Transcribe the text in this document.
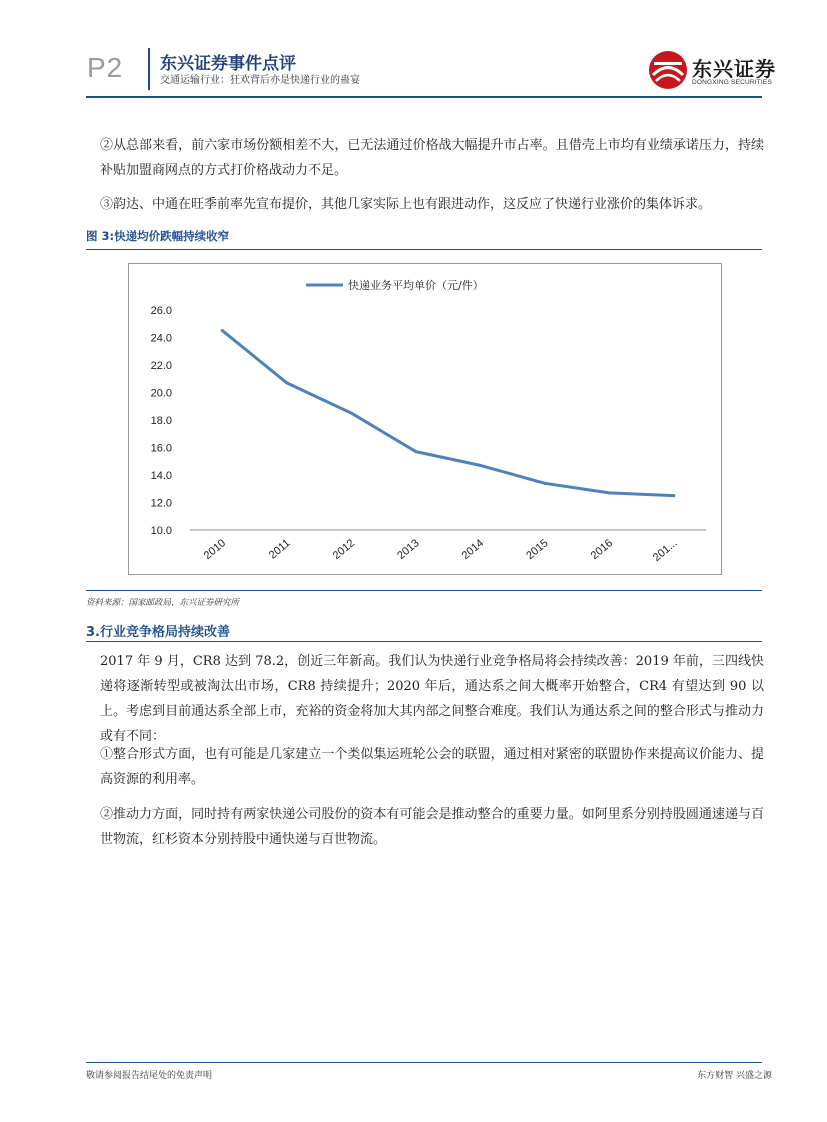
P2 东兴证券事件点评
交通运输行业：狂欢背后亦是快递行业的蛊宴	东兴证券
DONGXING SECURITIES
②从总部来看，前六家市场份额相差不大，已无法通过价格战大幅提升市占率。且借壳上市均有业绩承诺压力，持续补贴加盟商网点的方式打价格战动力不足。
③韵达、中通在旺季前率先宣布提价，其他几家实际上也有跟进动作，这反应了快递行业涨价的集体诉求。
图 3:快递均价跌幅持续收窄
快递业务平均单价（元/件）
10.0
12.0
14.0
16.0
18.0
20.0
22.0
24.0
26.0
2010	2011	2012	2013	2014	2015	2016	201...
资料来源：国家邮政局，东兴证券研究所
3.行业竞争格局持续改善
2017 年 9 月，CR8 达到 78.2，创近三年新高。我们认为快递行业竞争格局将会持续改善：2019 年前，三四线快递将逐渐转型或被淘汰出市场，CR8 持续提升；2020 年后，通达系之间大概率开始整合，CR4 有望达到 90 以上。考虑到目前通达系全部上市，充裕的资金将加大其内部之间整合难度。我们认为通达系之间的整合形式与推动力或有不同：
①整合形式方面，也有可能是几家建立一个类似集运班轮公会的联盟，通过相对紧密的联盟协作来提高议价能力、提高资源的利用率。
②推动力方面，同时持有两家快递公司股份的资本有可能会是推动整合的重要力量。如阿里系分别持股圆通速递与百世物流，红杉资本分别持股中通快递与百世物流。
敬请参阅报告结尾处的免责声明	东方财智 兴盛之源
